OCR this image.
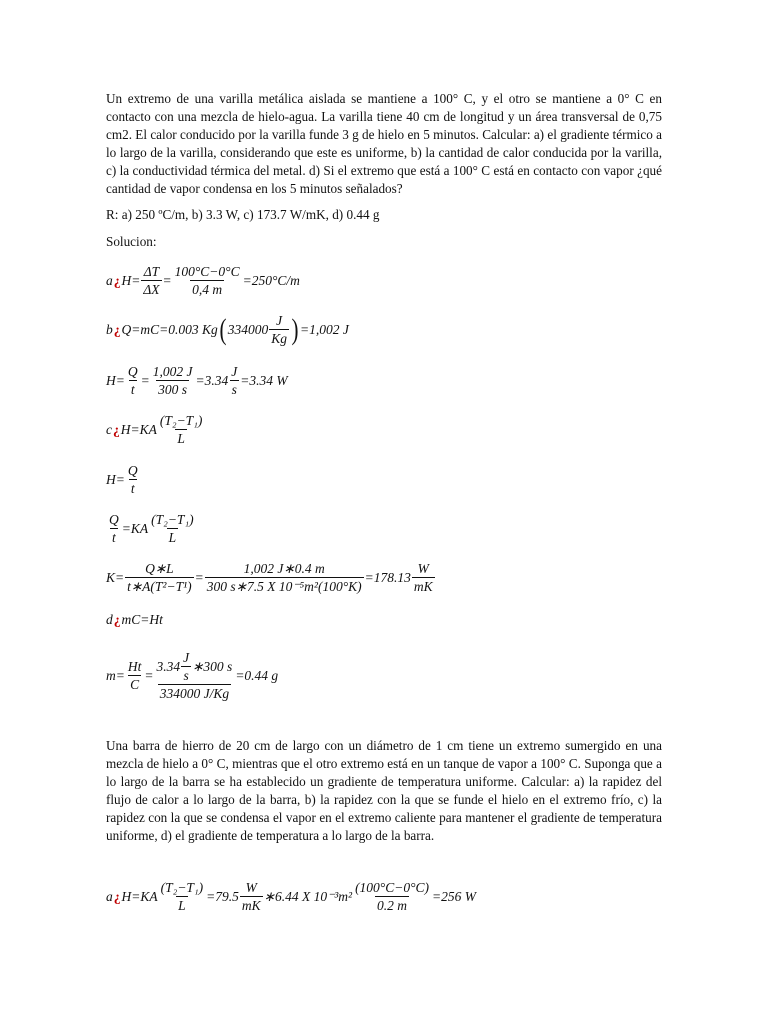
Un extremo de una varilla metálica aislada se mantiene a 100° C, y el otro se mantiene a 0° C en contacto con una mezcla de hielo-agua. La varilla tiene 40 cm de longitud y un área transversal de 0,75 cm2. El calor conducido por la varilla funde 3 g de hielo en 5 minutos. Calcular: a) el gradiente térmico a lo largo de la varilla, considerando que este es uniforme, b) la cantidad de calor conducida por la varilla, c) la conductividad térmica del metal. d) Si el extremo que está a 100° C está en contacto con vapor ¿qué cantidad de vapor condensa en los 5 minutos señalados?

R: a) 250 ºC/m, b) 3.3 W, c) 173.7 W/mK, d) 0.44 g

Solucion:

a ¿ $H= \frac{\Delta T}{\Delta X} = \frac{100^\circ C-0^\circ C}{0,4 m} =250^\circ C/m$
b ¿ Q=mC=0.003 Kg ( $334000 \frac{J}{Kg}$ ) =1,002 J
$H= \frac{Q}{t} = \frac{1,002 J}{300 s} =3.34 \frac{J}{s} =3.34$ W
c ¿ $H=KA \frac{\text{(T₂−T₁)}}{L}$
$H= \frac{Q}{t}$
$\frac{Q}{t} =KA \frac{\text{(T₂−T₁)}}{L}$
$K= \frac{Q∗L}{\text{t∗A(T²−T¹)}} = \frac{1,002 J∗0.4 m}{\text{300 s∗7.5 X 10⁻⁵m²(100°K)}} =178.13 \frac{W}{mK}$
d ¿ mC=Ht
$m= \frac{Ht}{C} = \frac{3.34 \frac{J}{s} ∗300 s}{334000 J/Kg} =0.44$ g

Una barra de hierro de 20 cm de largo con un diámetro de 1 cm tiene un extremo sumergido en una mezcla de hielo a 0° C, mientras que el otro extremo está en un tanque de vapor a 100° C. Suponga que a lo largo de la barra se ha establecido un gradiente de temperatura uniforme. Calcular: a) la rapidez del flujo de calor a lo largo de la barra, b) la rapidez con la que se funde el hielo en el extremo frío, c) la rapidez con la que se condensa el vapor en el extremo caliente para mantener el gradiente de temperatura uniforme, d) el gradiente de temperatura a lo largo de la barra.

a ¿ $H=KA \frac{\text{(T₂−T₁)}}{L} =79.5 \frac{W}{mK}$ ∗6.44 X $10^{-3}m^2 \frac{(100^\circ C-0^\circ C)}{0.2 m} =256$ W
